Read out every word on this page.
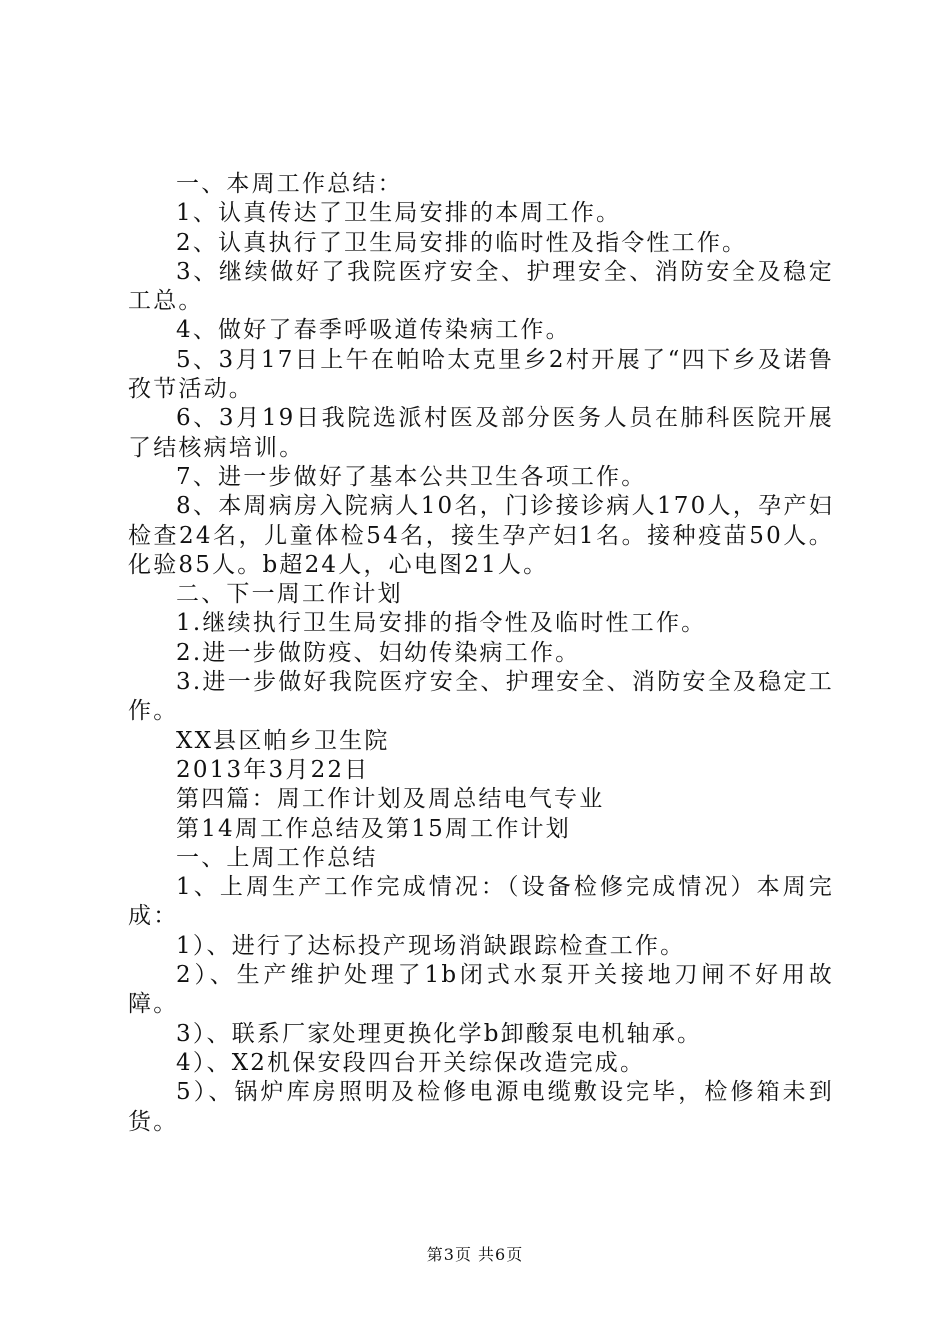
一、本周工作总结：

1、认真传达了卫生局安排的本周工作。

2、认真执行了卫生局安排的临时性及指令性工作。

3、继续做好了我院医疗安全、护理安全、消防安全及稳定工总。

4、做好了春季呼吸道传染病工作。

5、3月17日上午在帕哈太克里乡2村开展了“四下乡及诺鲁孜节活动。

6、3月19日我院选派村医及部分医务人员在肺科医院开展了结核病培训。

7、进一步做好了基本公共卫生各项工作。

8、本周病房入院病人10名，门诊接诊病人170人，孕产妇检查24名，儿童体检54名，接生孕产妇1名。接种疫苗50人。化验85人。b超24人，心电图21人。

二、下一周工作计划

1.继续执行卫生局安排的指令性及临时性工作。

2.进一步做防疫、妇幼传染病工作。

3.进一步做好我院医疗安全、护理安全、消防安全及稳定工作。

XX县区帕乡卫生院

2013年3月22日

第四篇：周工作计划及周总结电气专业

第14周工作总结及第15周工作计划

一、上周工作总结

1、上周生产工作完成情况：（设备检修完成情况）本周完成：

1）、进行了达标投产现场消缺跟踪检查工作。

2）、生产维护处理了1b闭式水泵开关接地刀闸不好用故障。

3）、联系厂家处理更换化学b卸酸泵电机轴承。

4）、X2机保安段四台开关综保改造完成。

5）、锅炉库房照明及检修电源电缆敷设完毕，检修箱未到货。

第3页 共6页
